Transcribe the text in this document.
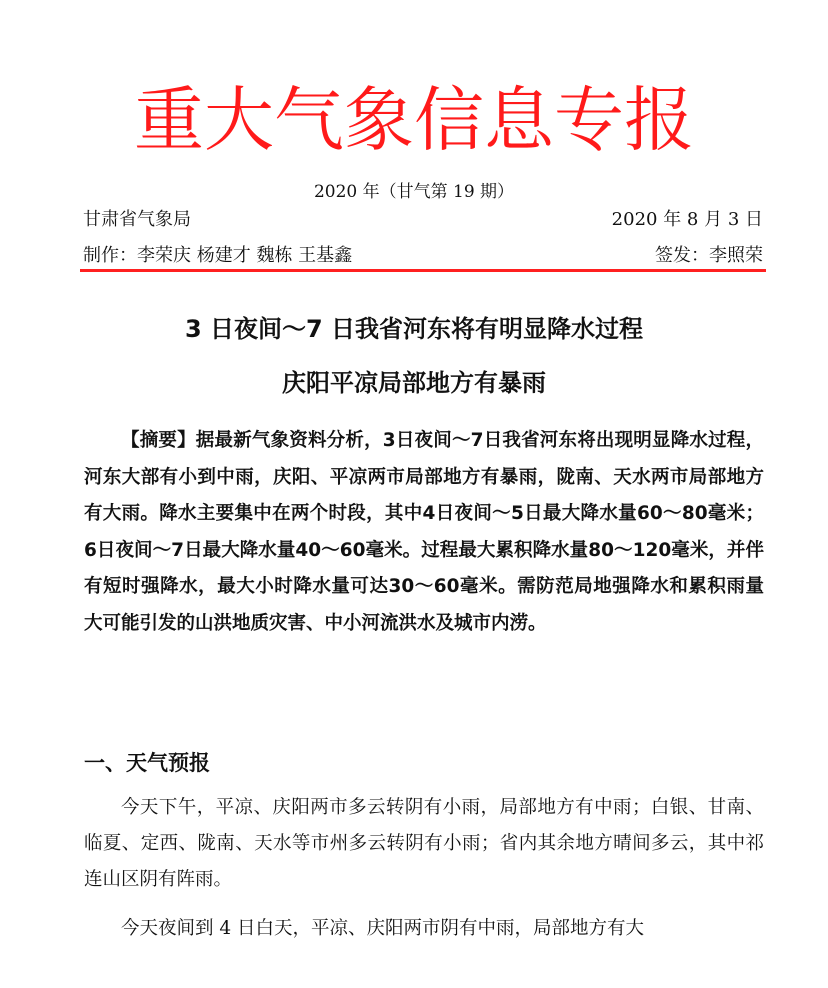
重大气象信息专报
2020 年（甘气第 19 期）
甘肃省气象局	2020 年 8 月 3 日
制作：李荣庆 杨建才 魏栋 王基鑫	签发：李照荣
3 日夜间～7 日我省河东将有明显降水过程
庆阳平凉局部地方有暴雨
【摘要】据最新气象资料分析，3日夜间～7日我省河东将出现明显降水过程，河东大部有小到中雨，庆阳、平凉两市局部地方有暴雨，陇南、天水两市局部地方有大雨。降水主要集中在两个时段，其中4日夜间～5日最大降水量60～80毫米；6日夜间～7日最大降水量40～60毫米。过程最大累积降水量80～120毫米，并伴有短时强降水，最大小时降水量可达30～60毫米。需防范局地强降水和累积雨量大可能引发的山洪地质灾害、中小河流洪水及城市内涝。
一、天气预报
今天下午，平凉、庆阳两市多云转阴有小雨，局部地方有中雨；白银、甘南、临夏、定西、陇南、天水等市州多云转阴有小雨；省内其余地方晴间多云，其中祁连山区阴有阵雨。
今天夜间到 4 日白天，平凉、庆阳两市阴有中雨，局部地方有大
